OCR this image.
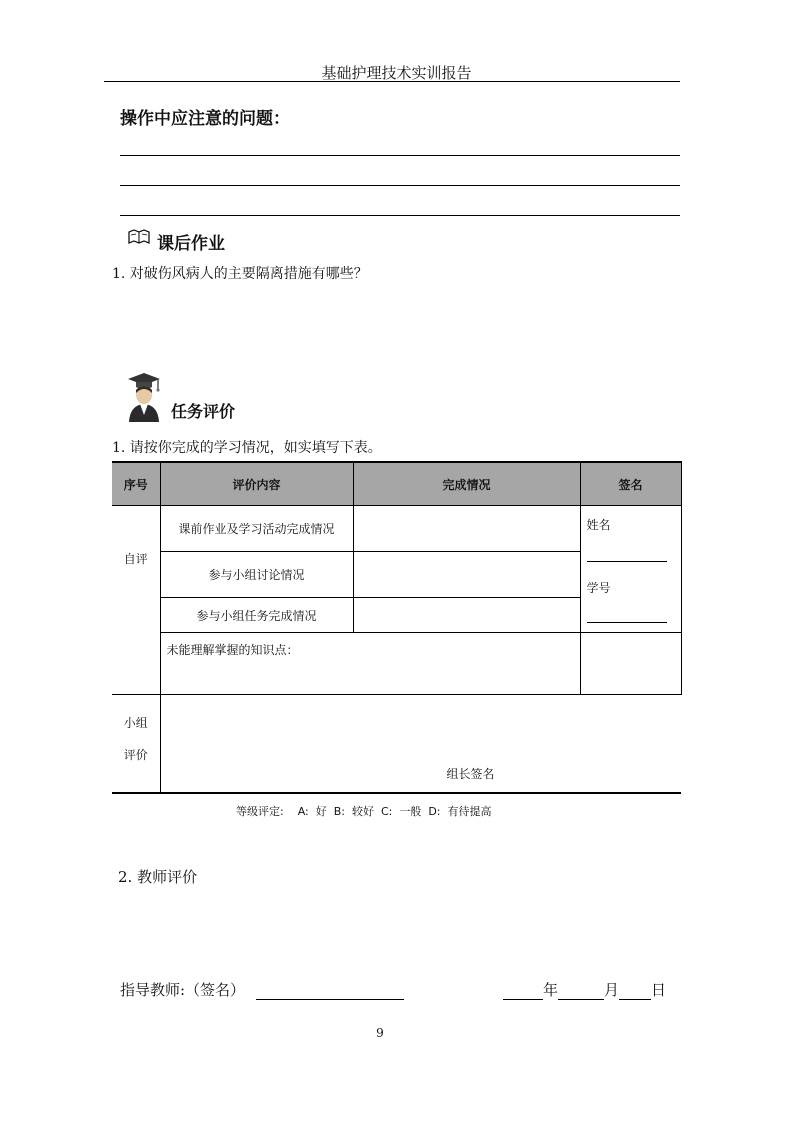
基础护理技术实训报告
操作中应注意的问题：
课后作业
1. 对破伤风病人的主要隔离措施有哪些？
任务评价
1. 请按你完成的学习情况，如实填写下表。
序号	评价内容	完成情况	签名
自评	课前作业及学习活动完成情况		姓名
学号

	参与小组讨论情况		
	参与小组任务完成情况		
	未能理解掌握的知识点：		
小组
评价	组长签名		
等级评定:    A:  好  B:  较好  C:  一般  D:  有待提高
2. 教师评价
指导教师:（签名）	年	月 日
9
